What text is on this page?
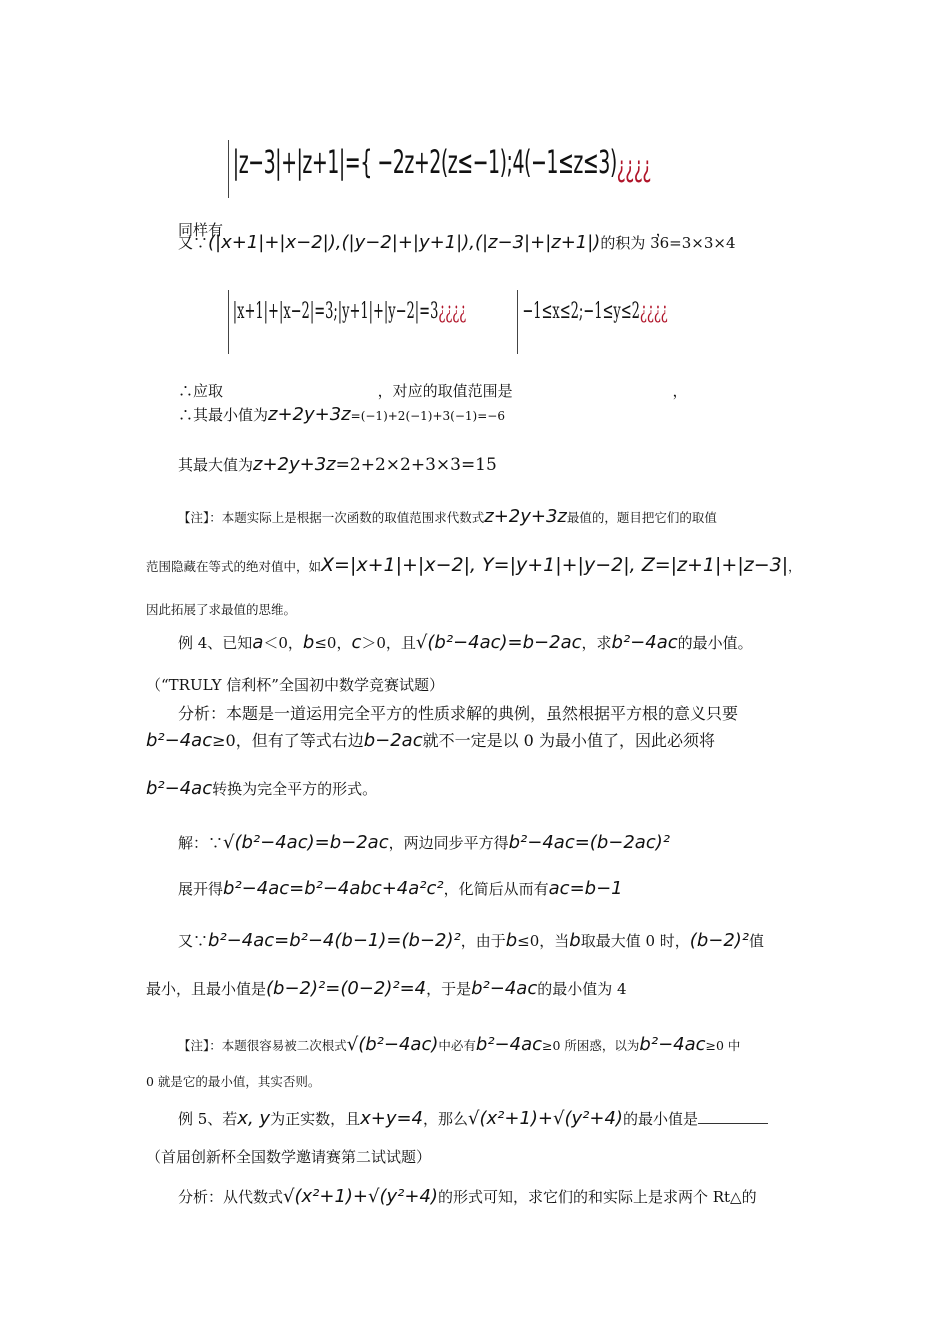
同样有 |z−3|+|z+1|={ −2z+2(z≤−1);4(−1≤z≤3)¿¿¿¿ ，
又∵(|x+1|+|x−2|),(|y−2|+|y+1|),(|z−3|+|z+1|)的积为 36=3×3×4
∴应取 |x+1|+|x−2|=3;|y+1|+|y−2|=3¿¿¿¿ ，对应的取值范围是 −1≤x≤2;−1≤y≤2¿¿¿¿ ，
∴其最小值为z+2y+3z=(−1)+2(−1)+3(−1)=−6
其最大值为z+2y+3z=2+2×2+3×3=15
【注】：本题实际上是根据一次函数的取值范围求代数式z+2y+3z最值的，题目把它们的取值
范围隐藏在等式的绝对值中，如X=|x+1|+|x−2|, Y=|y+1|+|y−2|, Z=|z+1|+|z−3|，
因此拓展了求最值的思维。
例 4、已知a＜0，b≤0，c＞0，且√(b²−4ac)=b−2ac，求b²−4ac的最小值。
（“TRULY 信利杯”全国初中数学竞赛试题）
分析：本题是一道运用完全平方的性质求解的典例，虽然根据平方根的意义只要
b²−4ac≥0，但有了等式右边b−2ac就不一定是以 0 为最小值了，因此必须将
b²−4ac转换为完全平方的形式。
解：∵√(b²−4ac)=b−2ac，两边同步平方得b²−4ac=(b−2ac)²
展开得b²−4ac=b²−4abc+4a²c²，化简后从而有ac=b−1
又∵b²−4ac=b²−4(b−1)=(b−2)²，由于b≤0，当b取最大值 0 时，(b−2)²值
最小，且最小值是(b−2)²=(0−2)²=4，于是b²−4ac的最小值为 4
【注】：本题很容易被二次根式√(b²−4ac)中必有b²−4ac≥0 所困惑，以为b²−4ac≥0 中
0 就是它的最小值，其实否则。
例 5、若x, y为正实数，且x+y=4，那么√(x²+1)+√(y²+4)的最小值是
（首届创新杯全国数学邀请赛第二试试题）
分析：从代数式√(x²+1)+√(y²+4)的形式可知，求它们的和实际上是求两个 Rt△的
